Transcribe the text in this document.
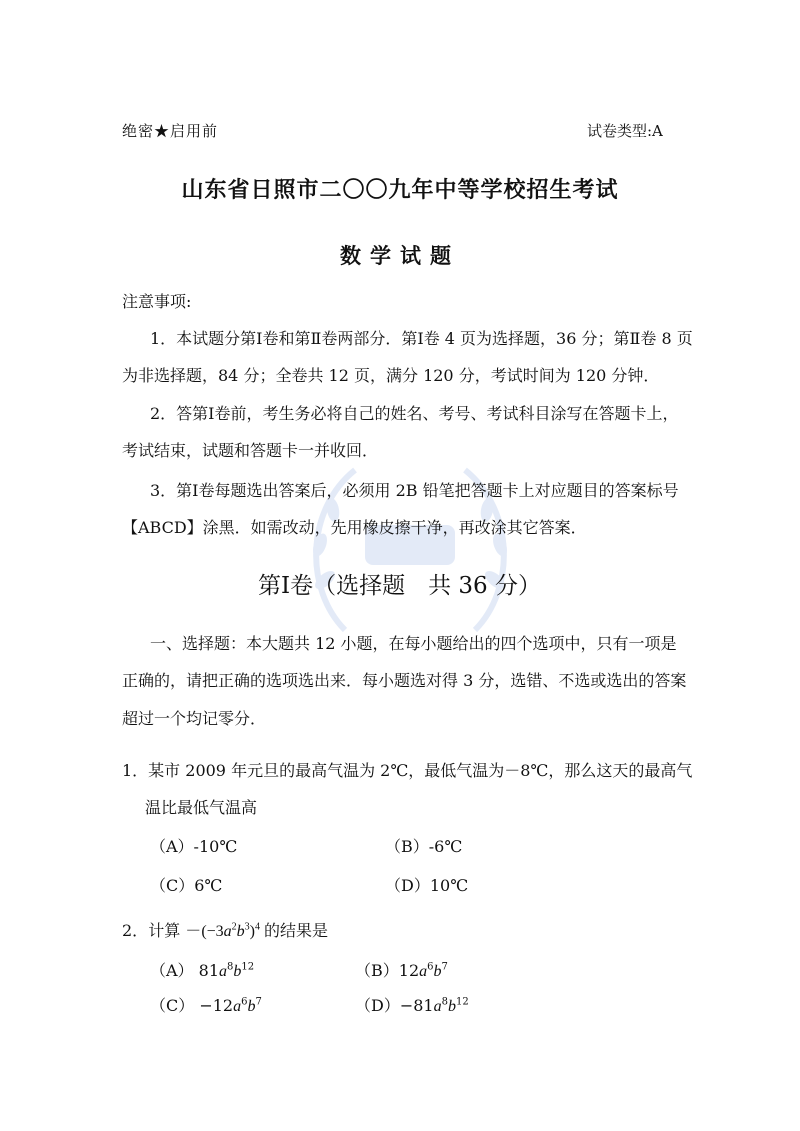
绝密★启用前	试卷类型:A
山东省日照市二〇〇九年中等学校招生考试
数学试题
注意事项:
1．本试题分第Ⅰ卷和第Ⅱ卷两部分．第Ⅰ卷 4 页为选择题，36 分；第Ⅱ卷 8 页
为非选择题，84 分；全卷共 12 页，满分 120 分，考试时间为 120 分钟．
2．答第Ⅰ卷前，考生务必将自己的姓名、考号、考试科目涂写在答题卡上，
考试结束，试题和答题卡一并收回．
3．第Ⅰ卷每题选出答案后，必须用 2B 铅笔把答题卡上对应题目的答案标号
【ABCD】涂黑．如需改动，先用橡皮擦干净，再改涂其它答案．
第Ⅰ卷（选择题　共 36 分）
一、选择题：本大题共 12 小题，在每小题给出的四个选项中，只有一项是
正确的，请把正确的选项选出来．每小题选对得 3 分，选错、不选或选出的答案
超过一个均记零分．
1．某市 2009 年元旦的最高气温为 2℃，最低气温为－8℃，那么这天的最高气
温比最低气温高
（A）-10℃	（B）-6℃
（C）6℃	（D）10℃
2．计算 $-(-3a^2b^3)^4$ 的结果是
（A） $81a^8b^{12}$	$(B)12a^6b^7$
$(C) -12a^6b^7$	$(D)-81a^8b^{12}$
